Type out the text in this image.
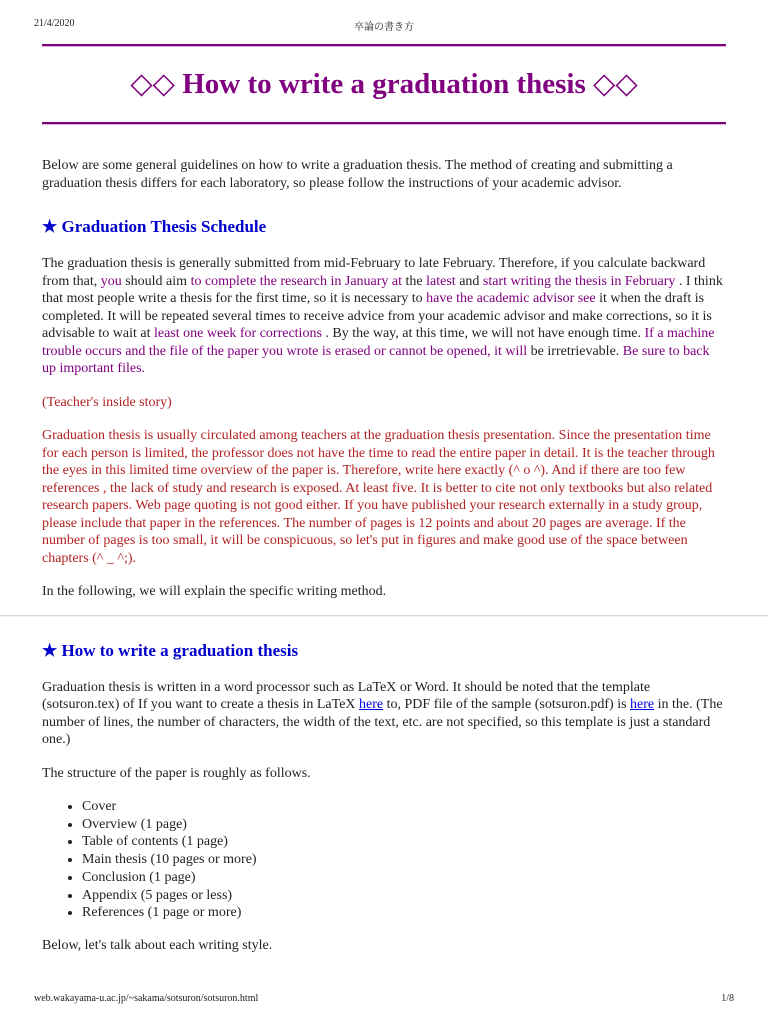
21/4/2020	卒論の書き方
◇◇ How to write a graduation thesis ◇◇

Below are some general guidelines on how to write a graduation thesis. The method of creating and submitting a graduation thesis differs for each laboratory, so please follow the instructions of your academic advisor.

★ Graduation Thesis Schedule

The graduation thesis is generally submitted from mid-February to late February. Therefore, if you calculate backward from that, you should aim to complete the research in January at the latest and start writing the thesis in February . I think that most people write a thesis for the first time, so it is necessary to have the academic advisor see it when the draft is completed. It will be repeated several times to receive advice from your academic advisor and make corrections, so it is advisable to wait at least one week for corrections . By the way, at this time, we will not have enough time. If a machine trouble occurs and the file of the paper you wrote is erased or cannot be opened, it will be irretrievable. Be sure to back up important files.

(Teacher's inside story)

Graduation thesis is usually circulated among teachers at the graduation thesis presentation. Since the presentation time for each person is limited, the professor does not have the time to read the entire paper in detail. It is the teacher through the eyes in this limited time overview of the paper is. Therefore, write here exactly (^ o ^). And if there are too few references , the lack of study and research is exposed. At least five. It is better to cite not only textbooks but also related research papers. Web page quoting is not good either. If you have published your research externally in a study group, please include that paper in the references. The number of pages is 12 points and about 20 pages are average. If the number of pages is too small, it will be conspicuous, so let's put in figures and make good use of the space between chapters (^ _ ^;).

In the following, we will explain the specific writing method.

★ How to write a graduation thesis

Graduation thesis is written in a word processor such as LaTeX or Word. It should be noted that the template (sotsuron.tex) of If you want to create a thesis in LaTeX here to, PDF file of the sample (sotsuron.pdf) is here in the. (The number of lines, the number of characters, the width of the text, etc. are not specified, so this template is just a standard one.)

The structure of the paper is roughly as follows.

• Cover
• Overview (1 page)
• Table of contents (1 page)
• Main thesis (10 pages or more)
• Conclusion (1 page)
• Appendix (5 pages or less)
• References (1 page or more)

Below, let's talk about each writing style.

web.wakayama-u.ac.jp/~sakama/sotsuron/sotsuron.html	1/8
